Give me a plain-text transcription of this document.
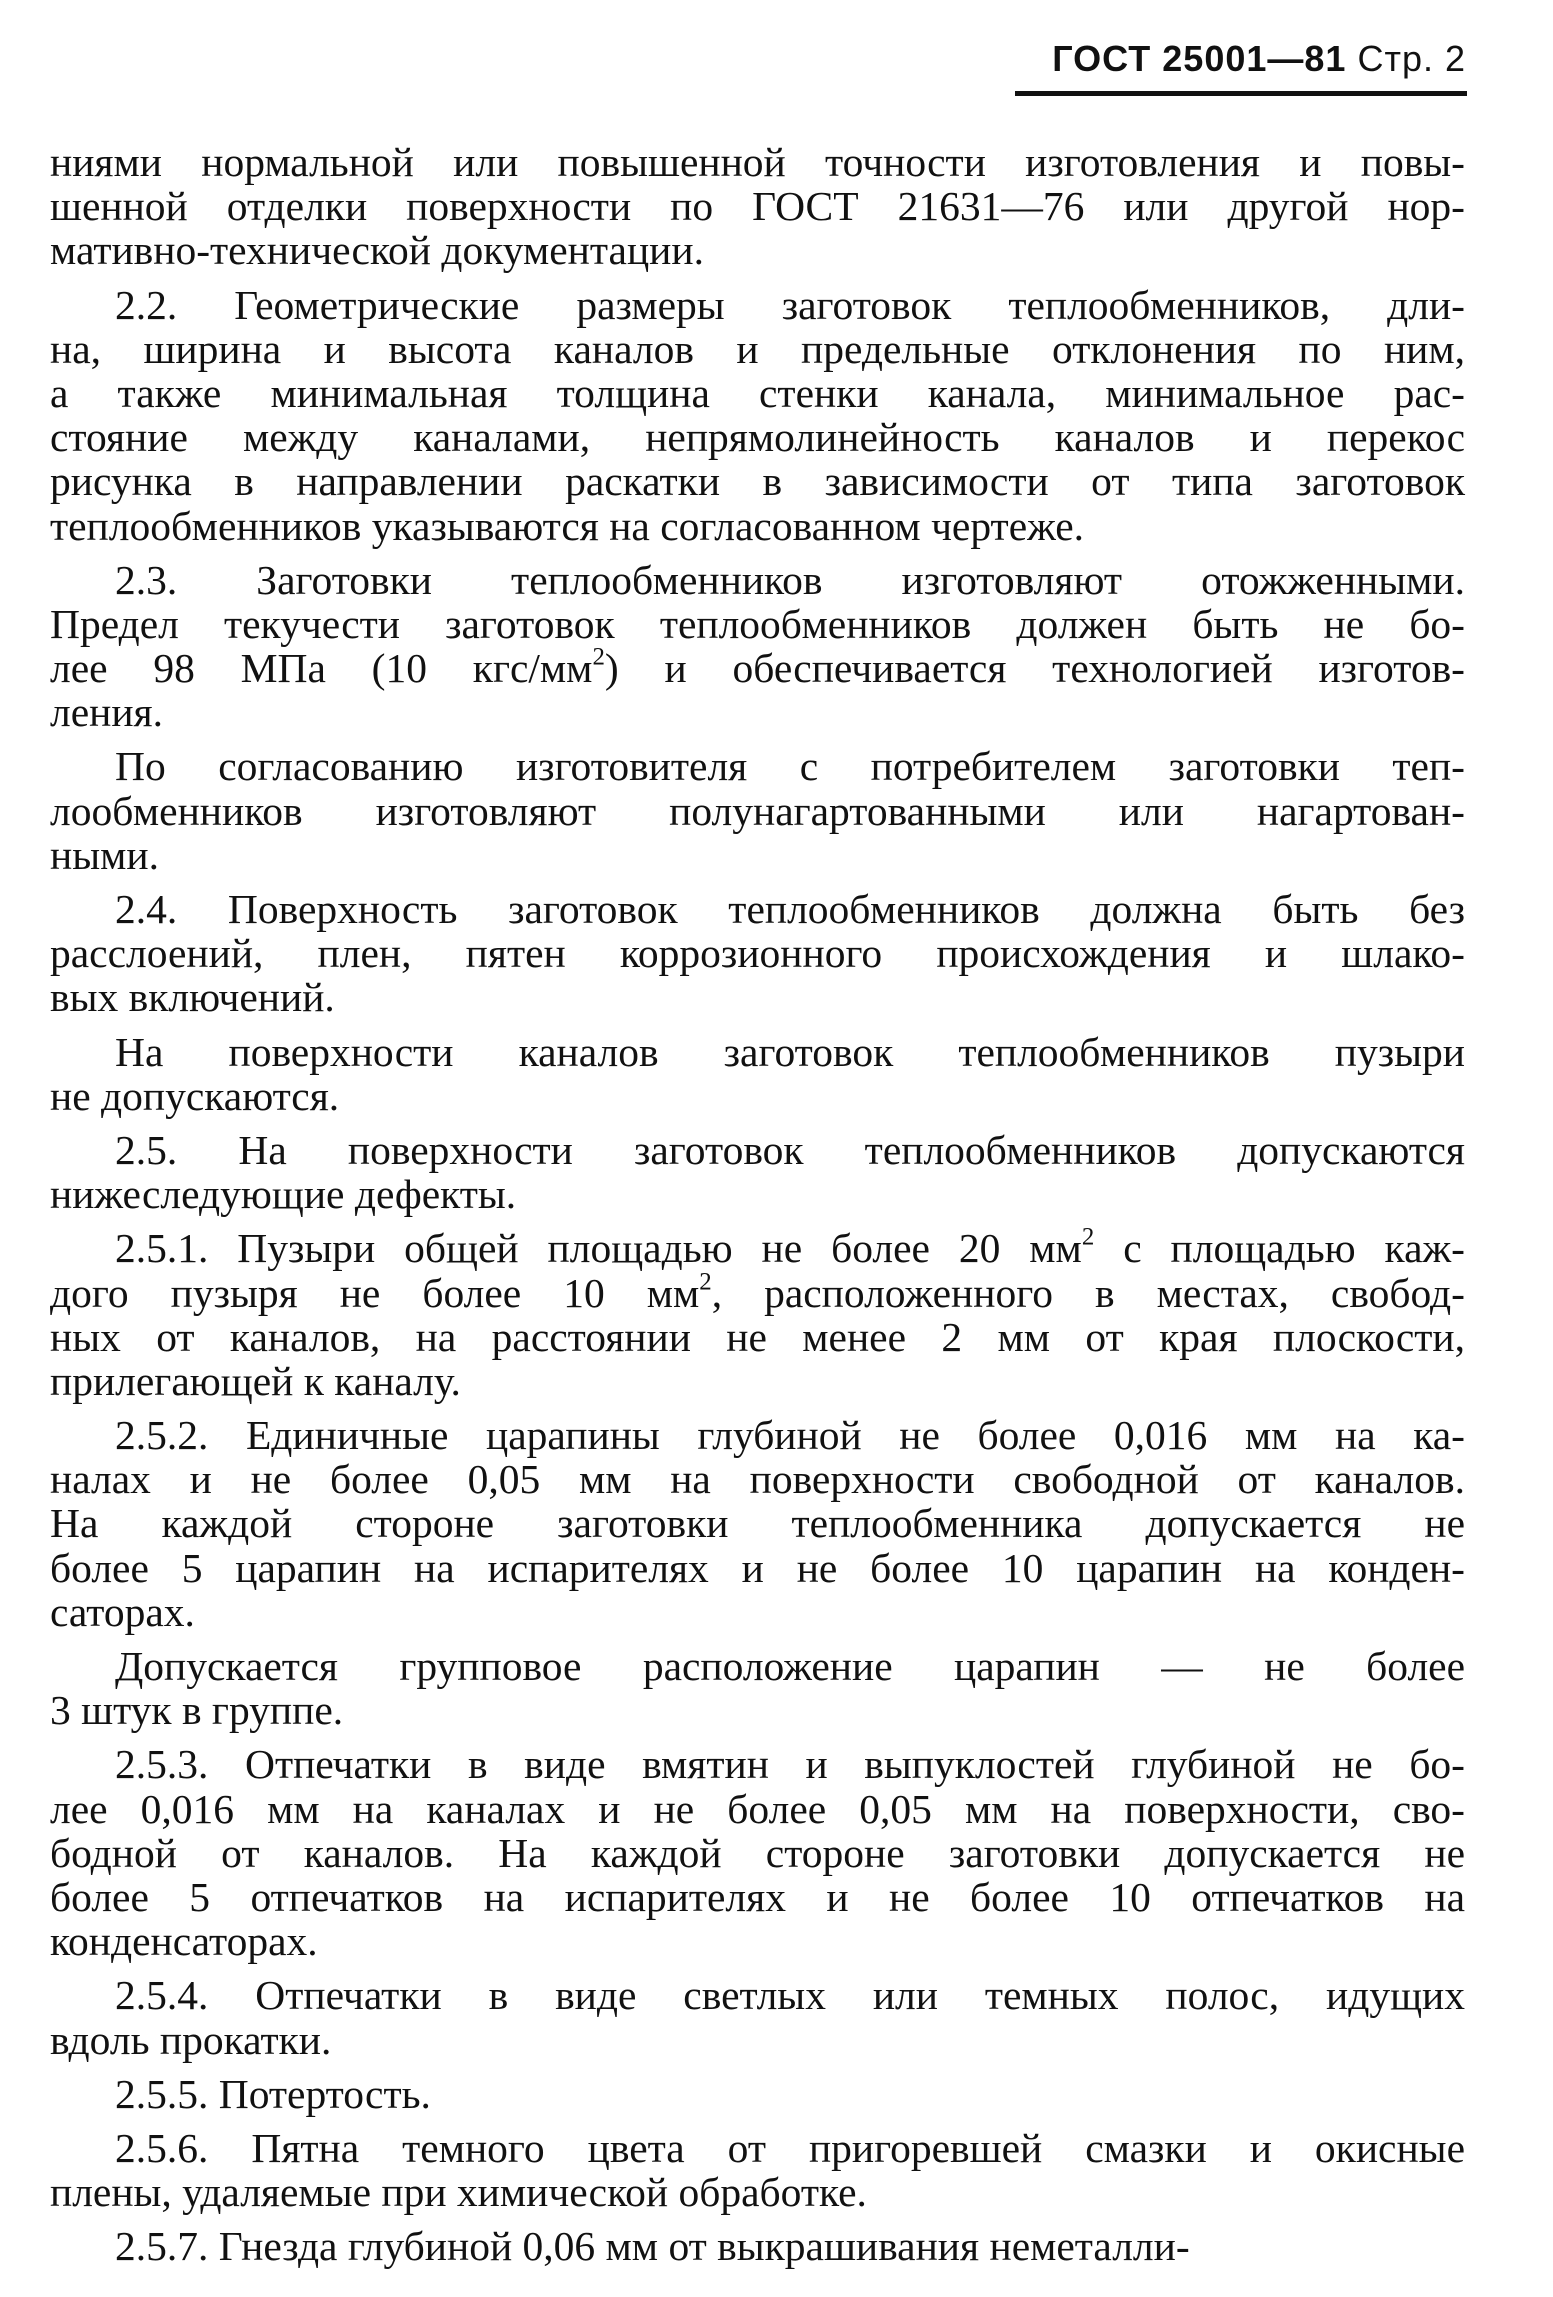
ГОСТ 25001—81 Стр. 2
ниями нормальной или повышенной точности изготовления и повы-
шенной отделки поверхности по ГОСТ 21631—76 или другой нор-
мативно-технической документации.
2.2. Геометрические размеры заготовок теплообменников, дли-
на, ширина и высота каналов и предельные отклонения по ним,
а также минимальная толщина стенки канала, минимальное рас-
стояние между каналами, непрямолинейность каналов и перекос
рисунка в направлении раскатки в зависимости от типа заготовок
теплообменников указываются на согласованном чертеже.
2.3. Заготовки теплообменников изготовляют отожженными.
Предел текучести заготовок теплообменников должен быть не бо-
лее 98 МПа (10 кгс/$мм^2$) и обеспечивается технологией изготов-
ления.
По согласованию изготовителя с потребителем заготовки теп-
лообменников изготовляют полунагартованными или нагартован-
ными.
2.4. Поверхность заготовок теплообменников должна быть без
расслоений, плен, пятен коррозионного происхождения и шлако-
вых включений.
На поверхности каналов заготовок теплообменников пузыри
не допускаются.
2.5. На поверхности заготовок теплообменников допускаются
нижеследующие дефекты.
2.5.1. Пузыри общей площадью не более 20 $мм^2$ с площадью каж-
дого пузыря не более 10 $мм^2$, расположенного в местах, свобод-
ных от каналов, на расстоянии не менее 2 мм от края плоскости,
прилегающей к каналу.
2.5.2. Единичные царапины глубиной не более 0,016 мм на ка-
налах и не более 0,05 мм на поверхности свободной от каналов.
На каждой стороне заготовки теплообменника допускается не
более 5 царапин на испарителях и не более 10 царапин на конден-
саторах.
Допускается групповое расположение царапин — не более
3 штук в группе.
2.5.3. Отпечатки в виде вмятин и выпуклостей глубиной не бо-
лее 0,016 мм на каналах и не более 0,05 мм на поверхности, сво-
бодной от каналов. На каждой стороне заготовки допускается не
более 5 отпечатков на испарителях и не более 10 отпечатков на
конденсаторах.
2.5.4. Отпечатки в виде светлых или темных полос, идущих
вдоль прокатки.
2.5.5. Потертость.
2.5.6. Пятна темного цвета от пригоревшей смазки и окисные
плены, удаляемые при химической обработке.
2.5.7. Гнезда глубиной 0,06 мм от выкрашивания неметалли-
